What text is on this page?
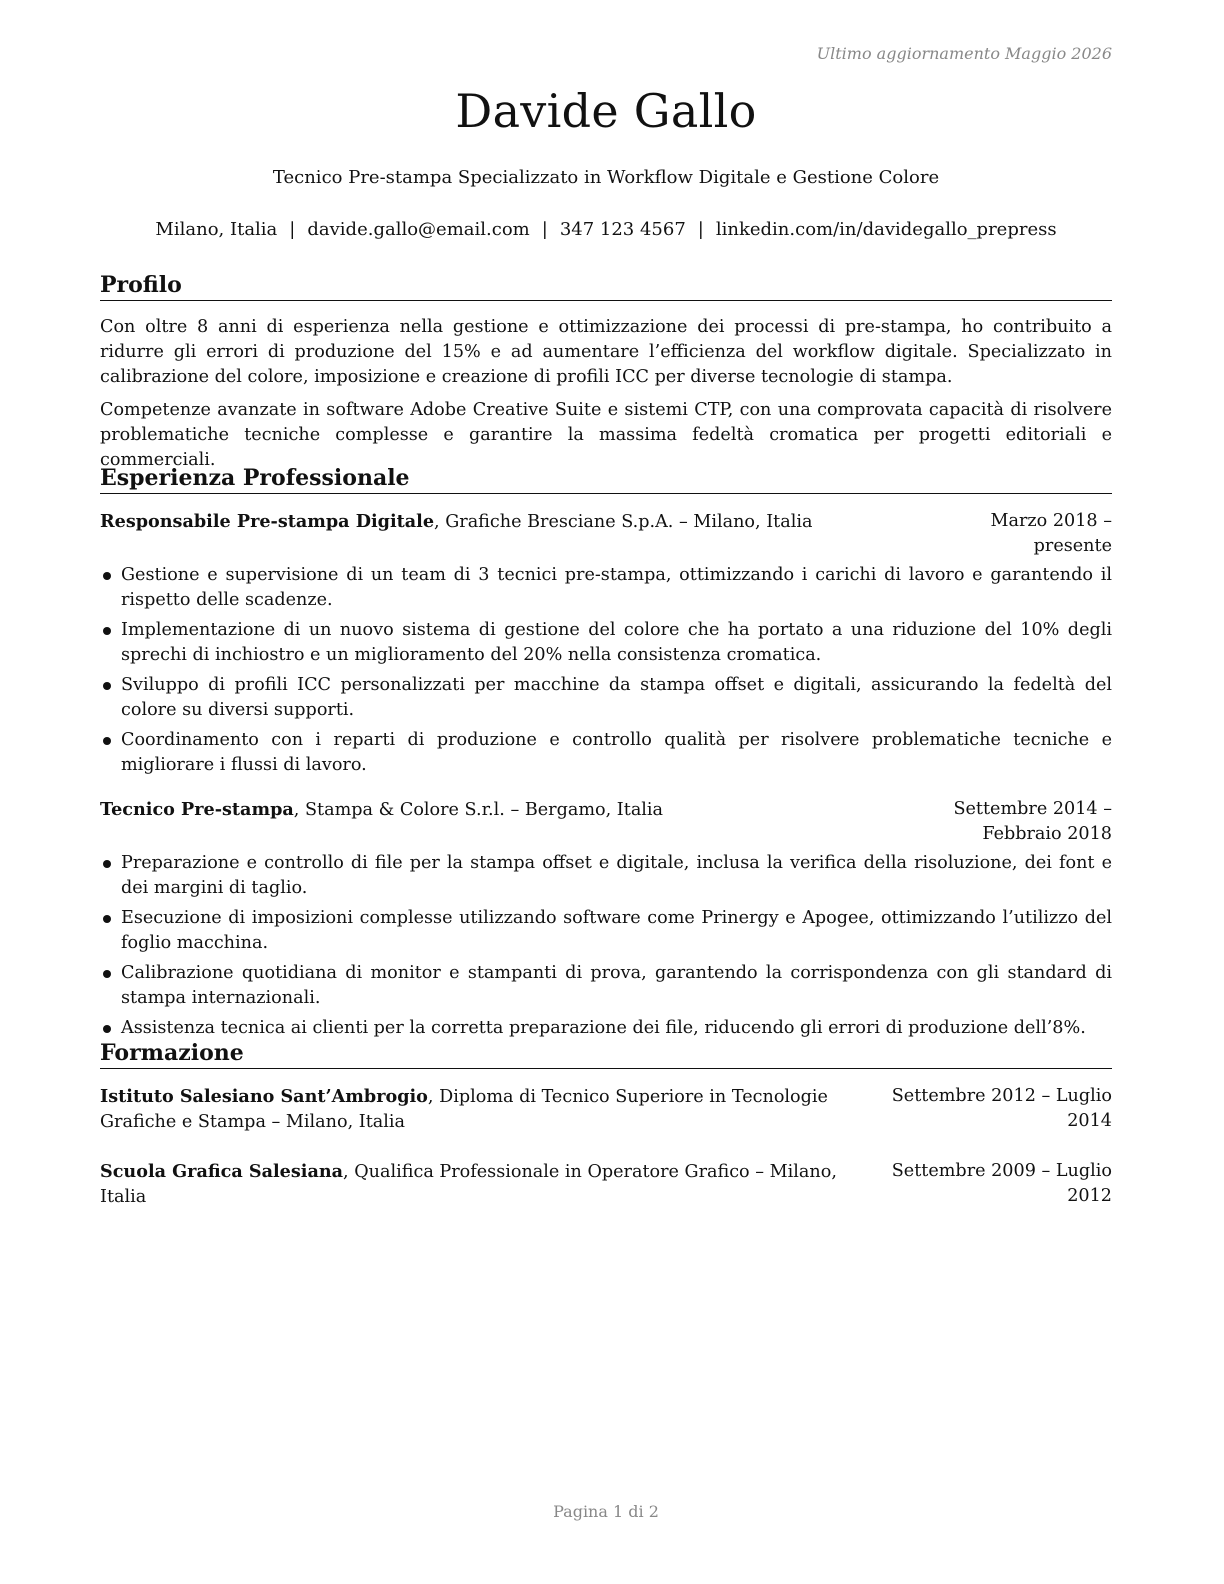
Ultimo aggiornamento Maggio 2026
Davide Gallo
Tecnico Pre-stampa Specializzato in Workflow Digitale e Gestione Colore
Milano, Italia | davide.gallo@email.com | 347 123 4567 | linkedin.com/in/davidegallo_prepress
Profilo

Con oltre 8 anni di esperienza nella gestione e ottimizzazione dei processi di pre-stampa, ho contribuito a ridurre gli errori di produzione del 15% e ad aumentare l’efficienza del workflow digitale. Specializzato in calibrazione del colore, imposizione e creazione di profili ICC per diverse tecnologie di stampa.

Competenze avanzate in software Adobe Creative Suite e sistemi CTP, con una comprovata capacità di risolvere problematiche tecniche complesse e garantire la massima fedeltà cromatica per progetti editoriali e commerciali.

Esperienza Professionale
Responsabile Pre-stampa Digitale, Grafiche Bresciane S.p.A. – Milano, Italia	Marzo 2018 – presente
Gestione e supervisione di un team di 3 tecnici pre-stampa, ottimizzando i carichi di lavoro e garantendo il rispetto delle scadenze.
Implementazione di un nuovo sistema di gestione del colore che ha portato a una riduzione del 10% degli sprechi di inchiostro e un miglioramento del 20% nella consistenza cromatica.
Sviluppo di profili ICC personalizzati per macchine da stampa offset e digitali, assicurando la fedeltà del colore su diversi supporti.
Coordinamento con i reparti di produzione e controllo qualità per risolvere problematiche tecniche e migliorare i flussi di lavoro.
Tecnico Pre-stampa, Stampa & Colore S.r.l. – Bergamo, Italia	Settembre 2014 – Febbraio 2018
Preparazione e controllo di file per la stampa offset e digitale, inclusa la verifica della risoluzione, dei font e dei margini di taglio.
Esecuzione di imposizioni complesse utilizzando software come Prinergy e Apogee, ottimizzando l’utilizzo del foglio macchina.
Calibrazione quotidiana di monitor e stampanti di prova, garantendo la corrispondenza con gli standard di stampa internazionali.
Assistenza tecnica ai clienti per la corretta preparazione dei file, riducendo gli errori di produzione dell’8%.
Formazione
Istituto Salesiano Sant’Ambrogio, Diploma di Tecnico Superiore in Tecnologie Grafiche e Stampa – Milano, Italia
Settembre 2012 – Luglio 2014
Scuola Grafica Salesiana, Qualifica Professionale in Operatore Grafico – Milano, Italia
Settembre 2009 – Luglio 2012
Pagina 1 di 2
